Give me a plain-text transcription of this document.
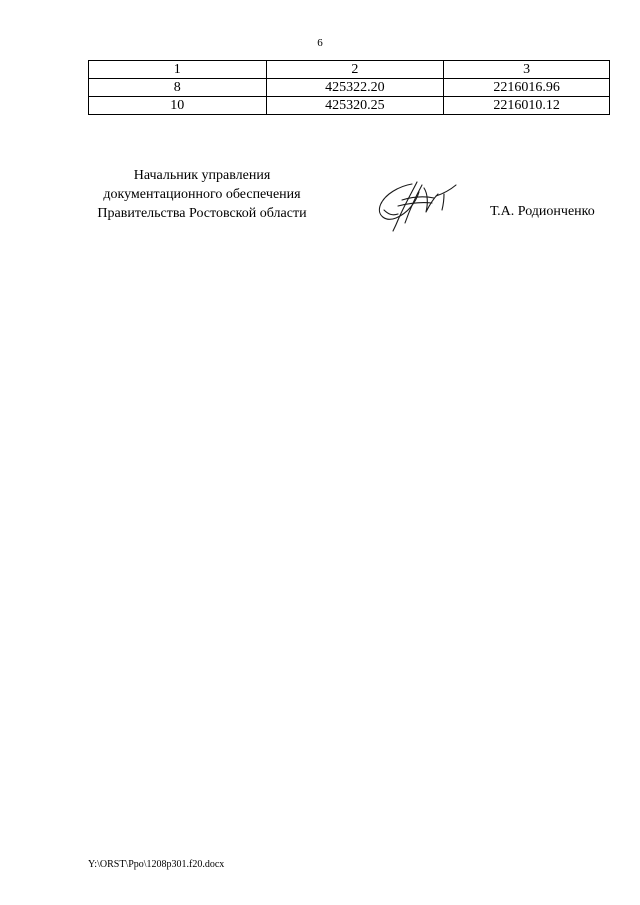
6
1	2	3
8	425322.20	2216016.96
10	425320.25	2216010.12
Начальник управления
документационного обеспечения
Правительства Ростовской области	Т.А. Родионченко
Y:\ORST\Ppo\1208p301.f20.docx
